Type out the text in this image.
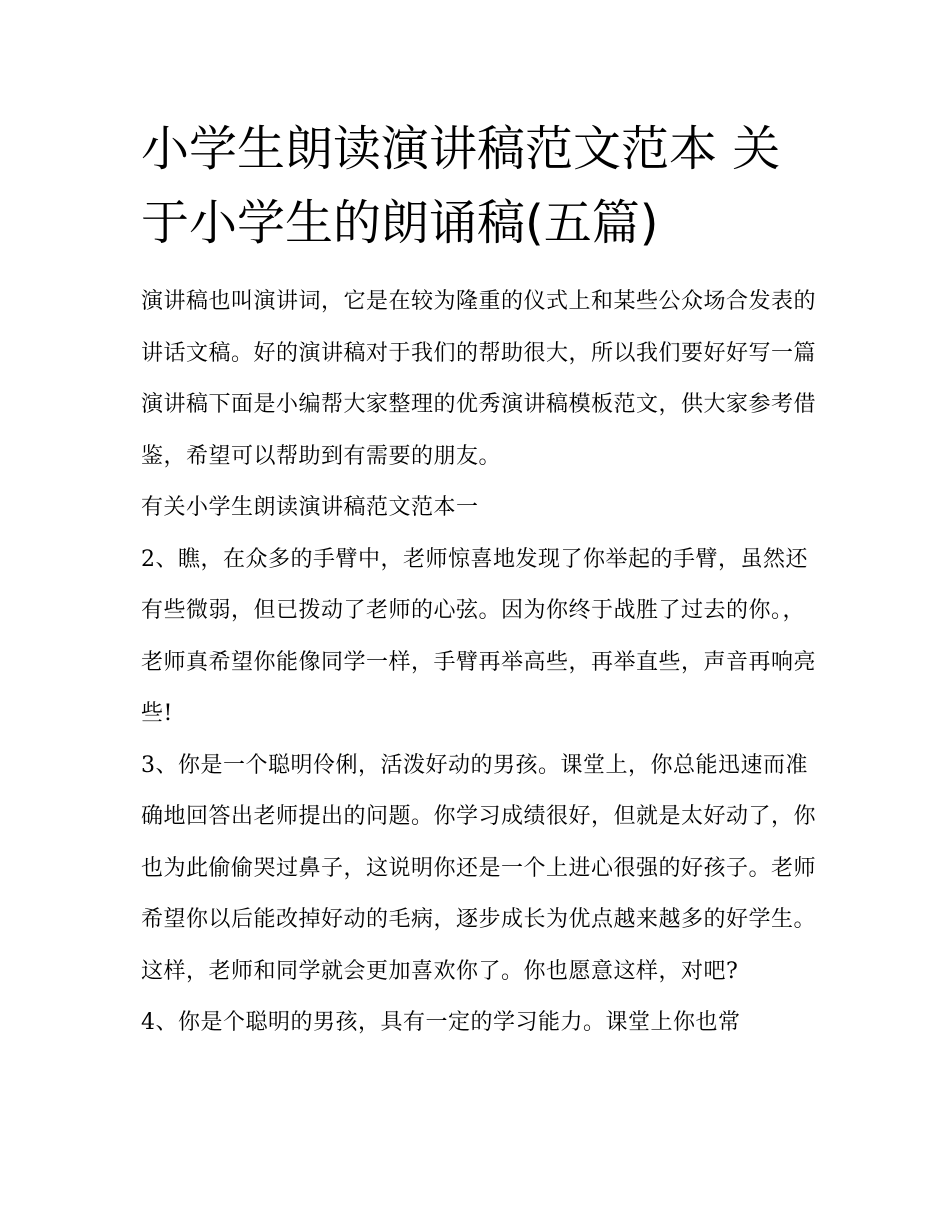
小学生朗读演讲稿范文范本 关于小学生的朗诵稿(五篇)

演讲稿也叫演讲词，它是在较为隆重的仪式上和某些公众场合发表的讲话文稿。好的演讲稿对于我们的帮助很大，所以我们要好好写一篇演讲稿下面是小编帮大家整理的优秀演讲稿模板范文，供大家参考借鉴，希望可以帮助到有需要的朋友。

有关小学生朗读演讲稿范文范本一

2、瞧，在众多的手臂中，老师惊喜地发现了你举起的手臂，虽然还有些微弱，但已拨动了老师的心弦。因为你终于战胜了过去的你。，老师真希望你能像同学一样，手臂再举高些，再举直些，声音再响亮些!

3、你是一个聪明伶俐，活泼好动的男孩。课堂上，你总能迅速而准确地回答出老师提出的问题。你学习成绩很好，但就是太好动了，你也为此偷偷哭过鼻子，这说明你还是一个上进心很强的好孩子。老师希望你以后能改掉好动的毛病，逐步成长为优点越来越多的好学生。这样，老师和同学就会更加喜欢你了。你也愿意这样，对吧?

4、你是个聪明的男孩，具有一定的学习能力。课堂上你也常
